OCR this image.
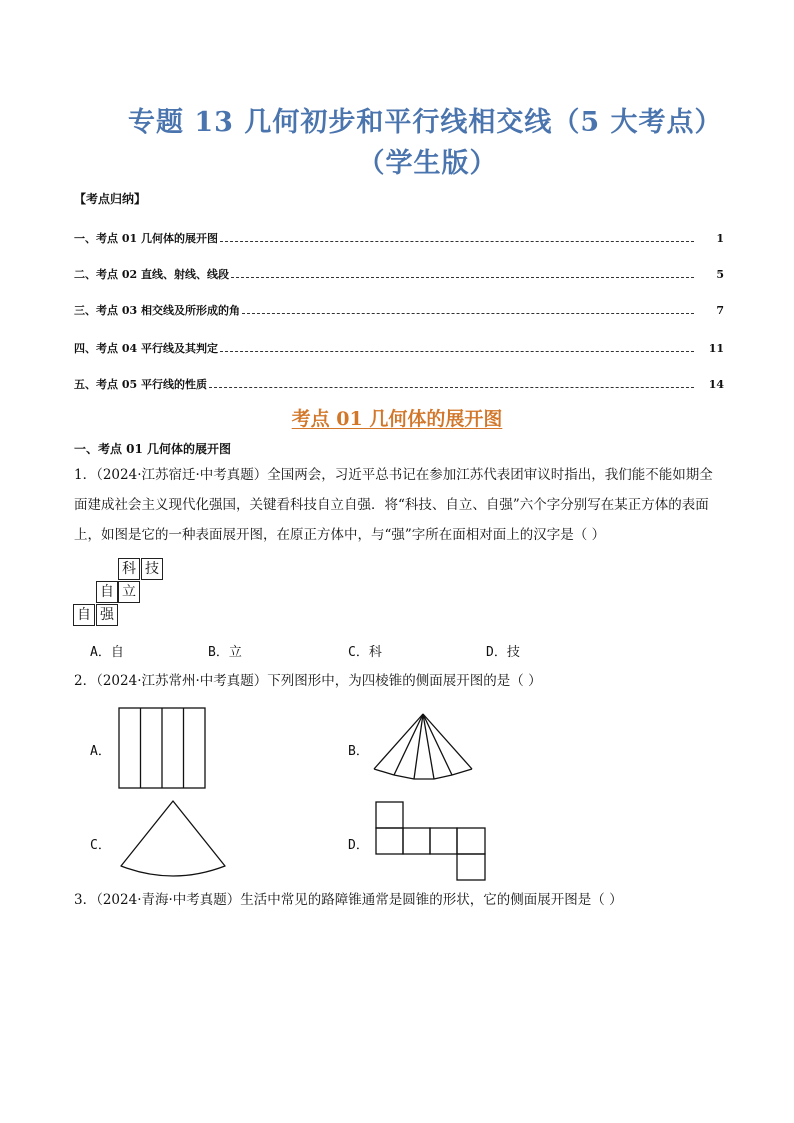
专题 13 几何初步和平行线相交线（5 大考点）
（学生版）
【考点归纳】
一、考点 01 几何体的展开图	1
二、考点 02 直线、射线、线段	5
三、考点 03 相交线及所形成的角	7
四、考点 04 平行线及其判定	11
五、考点 05 平行线的性质	14
考点 01 几何体的展开图
一、考点 01 几何体的展开图
1．（2024·江苏宿迁·中考真题）全国两会，习近平总书记在参加江苏代表团审议时指出，我们能不能如期全
面建成社会主义现代化强国，关键看科技自立自强．将“科技、自立、自强”六个字分别写在某正方体的表面
上，如图是它的一种表面展开图，在原正方体中，与“强”字所在面相对面上的汉字是（ ）
科 技
自 立
自 强
A．自	B．立	C．科	D．技
2．（2024·江苏常州·中考真题）下列图形中，为四棱锥的侧面展开图的是（ ）
A．	B．
C．	D．
3．（2024·青海·中考真题）生活中常见的路障锥通常是圆锥的形状，它的侧面展开图是（ ）
